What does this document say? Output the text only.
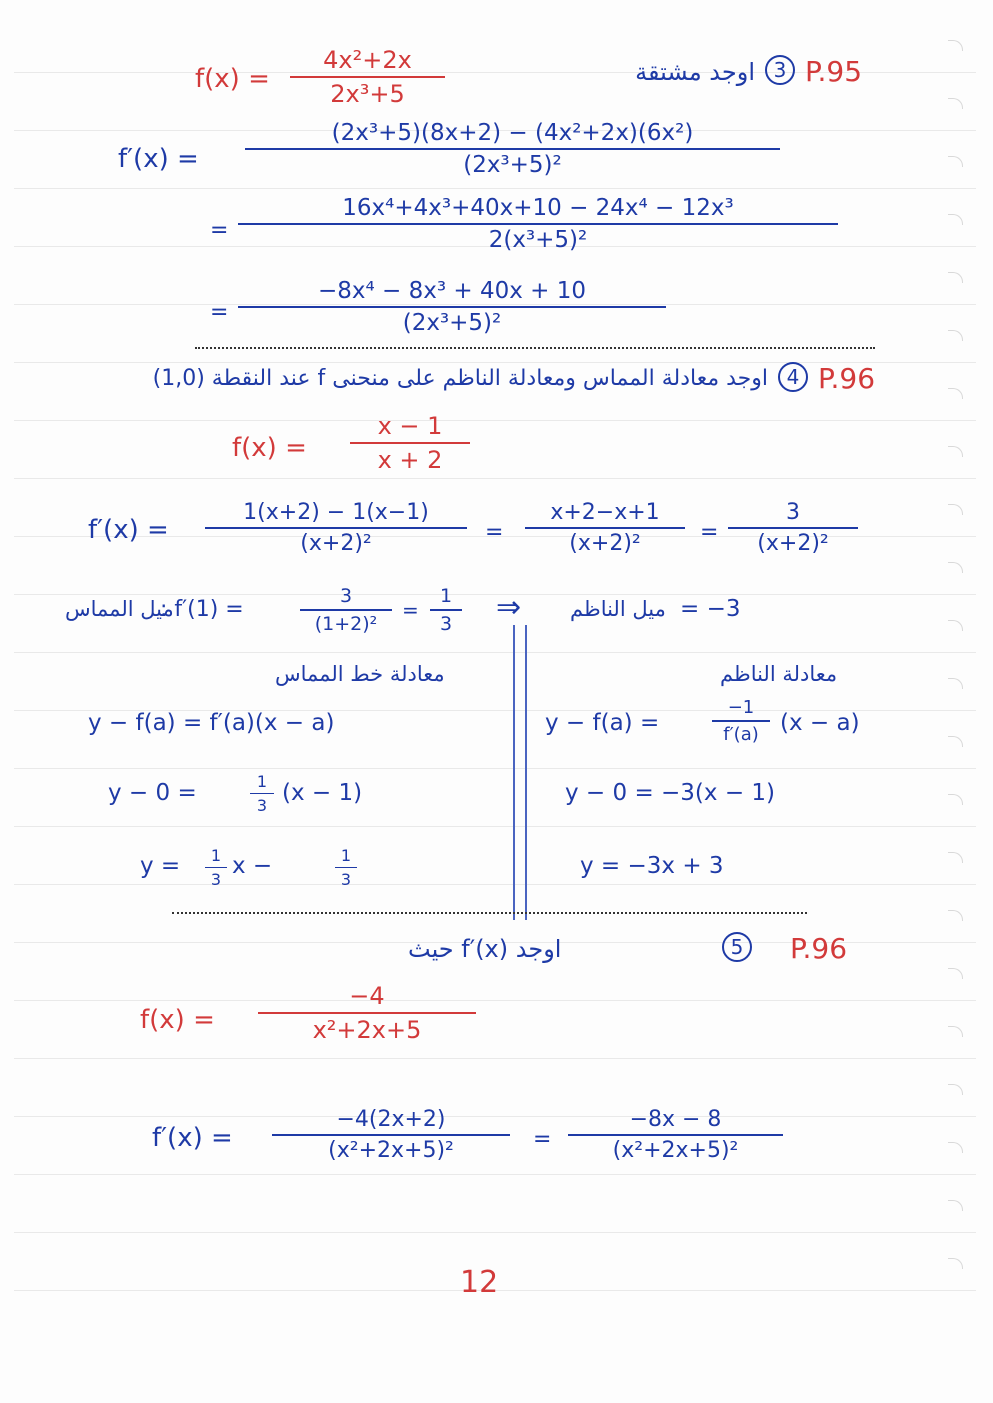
P.95
3
اوجد مشتقة
f(x) =
4x²+2x
2x³+5
f′(x) =
(2x³+5)(8x+2) − (4x²+2x)(6x²)
(2x³+5)²
=
16x⁴+4x³+40x+10 − 24x⁴ − 12x³
2(x³+5)²
=
−8x⁴ − 8x³ + 40x + 10
(2x³+5)²
P.96
4
اوجد معادلة المماس ومعادلة الناظم على منحنى f عند النقطة (1,0)
f(x) =
x − 1
x + 2
f′(x) =
1(x+2) − 1(x−1)
(x+2)²	=
x+2−x+1
(x+2)²	=
3
(x+2)²
ميل المماس
: f′(1) =
3
(1+2)²
=
1
3	⇒ ميل الناظم = −3
معادلة خط المماس
y − f(a) = f′(a)(x − a)
y − 0 =	1
3 (x − 1)
y =	1
3
x −	1
3
معادلة الناظم
y − f(a) =
−1
f′(a) (x − a)
y − 0 = −3(x − 1)
y = −3x + 3
P.96
5
اوجد f′(x) حيث
f(x) =
−4
x²+2x+5
f′(x) =
−4(2x+2)
(x²+2x+5)²	=
−8x − 8
(x²+2x+5)²
12
